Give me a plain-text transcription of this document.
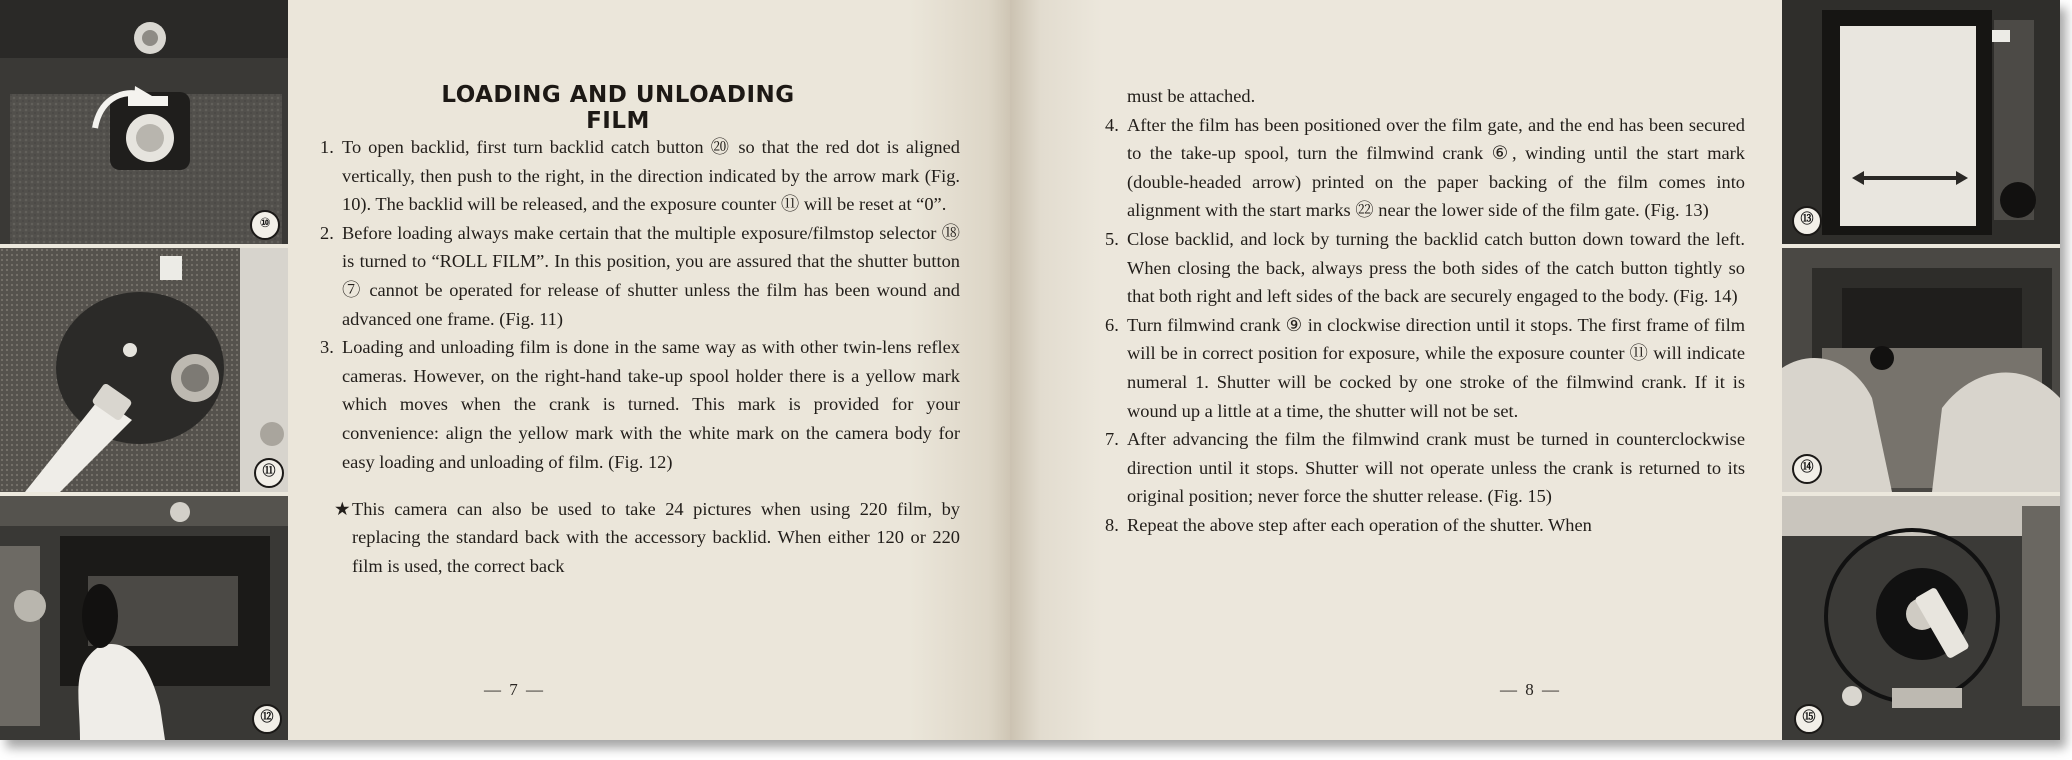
⑩
⑪
⑫
LOADING AND UNLOADING FILM

1. To open backlid, first turn backlid catch button ⑳ so that the red dot is aligned vertically, then push to the right, in the direction indicated by the arrow mark (Fig. 10). The backlid will be released, and the exposure counter ⑪ will be reset at “0”.

2. Before loading always make certain that the multiple exposure/filmstop selector ⑱ is turned to “ROLL FILM”. In this position, you are assured that the shutter button ⑦ cannot be operated for release of shutter unless the film has been wound and advanced one frame. (Fig. 11)

3. Loading and unloading film is done in the same way as with other twin-lens reflex cameras. However, on the right-hand take-up spool holder there is a yellow mark which moves when the crank is turned. This mark is provided for your convenience: align the yellow mark with the white mark on the camera body for easy loading and unloading of film. (Fig. 12)

★ This camera can also be used to take 24 pictures when using 220 film, by replacing the standard back with the accessory backlid. When either 120 or 220 film is used, the correct back

— 7 —

must be attached.

4. After the film has been positioned over the film gate, and the end has been secured to the take-up spool, turn the filmwind crank ⑥, winding until the start mark (double-headed arrow) printed on the paper backing of the film comes into alignment with the start marks ㉒ near the lower side of the film gate. (Fig. 13)

5. Close backlid, and lock by turning the backlid catch button down toward the left. When closing the back, always press the both sides of the catch button tightly so that both right and left sides of the back are securely engaged to the body. (Fig. 14)

6. Turn filmwind crank ⑨ in clockwise direction until it stops. The first frame of film will be in correct position for exposure, while the exposure counter ⑪ will indicate numeral 1. Shutter will be cocked by one stroke of the filmwind crank. If it is wound up a little at a time, the shutter will not be set.

7. After advancing the film the filmwind crank must be turned in counterclockwise direction until it stops. Shutter will not operate unless the crank is returned to its original position; never force the shutter release. (Fig. 15)

8. Repeat the above step after each operation of the shutter. When

— 8 —
⑬
⑭
⑮
